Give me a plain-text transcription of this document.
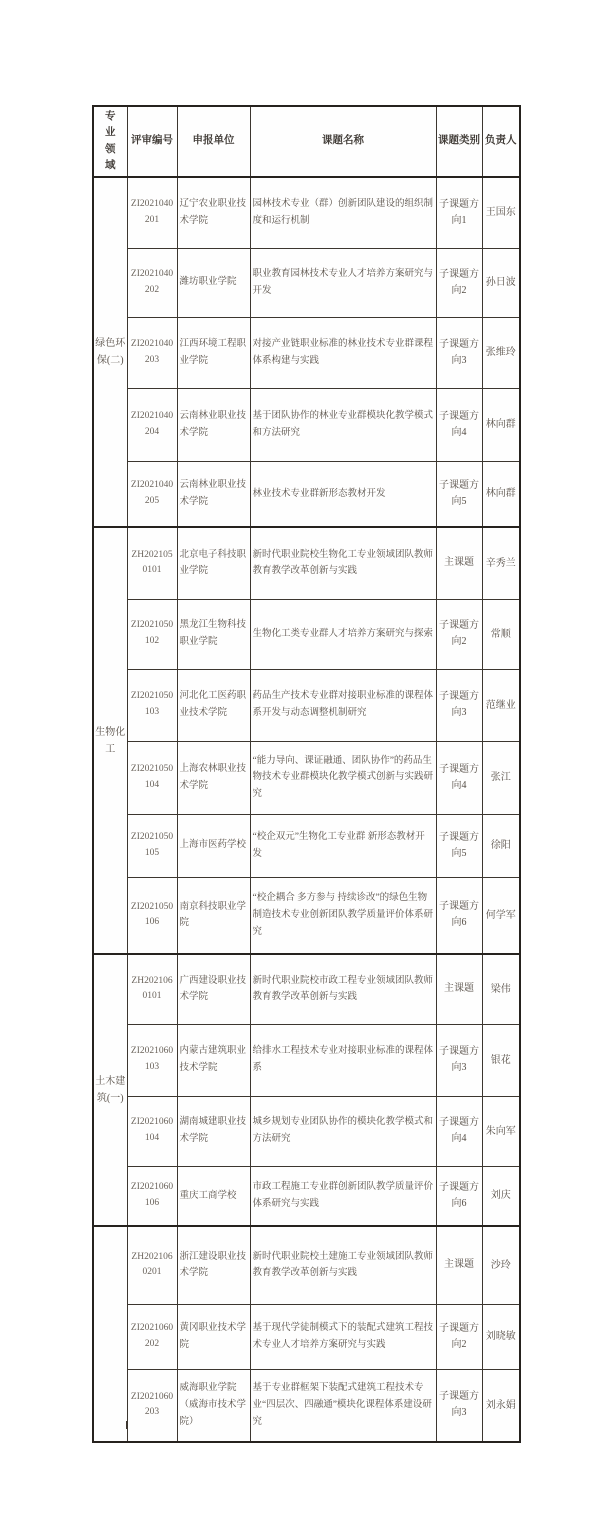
专业领域	评审编号	申报单位	课题名称	课题类别	负责人
绿色环保(二)	ZI2021040201	辽宁农业职业技术学院	园林技术专业（群）创新团队建设的组织制度和运行机制	子课题方向1	王国东
	ZI2021040202	潍坊职业学院	职业教育园林技术专业人才培养方案研究与开发	子课题方向2	孙日波
	ZI2021040203	江西环境工程职业学院	对接产业链职业标准的林业技术专业群课程体系构建与实践	子课题方向3	张维玲
	ZI2021040204	云南林业职业技术学院	基于团队协作的林业专业群模块化教学模式和方法研究	子课题方向4	林向群
	ZI2021040205	云南林业职业技术学院	林业技术专业群新形态教材开发	子课题方向5	林向群
生物化工	ZH2021050101	北京电子科技职业学院	新时代职业院校生物化工专业领域团队教师教育教学改革创新与实践	主课题	辛秀兰
	ZI2021050102	黑龙江生物科技职业学院	生物化工类专业群人才培养方案研究与探索	子课题方向2	常顺
	ZI2021050103	河北化工医药职业技术学院	药品生产技术专业群对接职业标准的课程体系开发与动态调整机制研究	子课题方向3	范继业
	ZI2021050104	上海农林职业技术学院	“能力导向、课证融通、团队协作”的药品生物技术专业群模块化教学模式创新与实践研究	子课题方向4	张江
	ZI2021050105	上海市医药学校	“校企双元”生物化工专业群 新形态教材开发	子课题方向5	徐阳
	ZI2021050106	南京科技职业学院	“校企耦合 多方参与 持续诊改”的绿色生物制造技术专业创新团队教学质量评价体系研究	子课题方向6	何学军
土木建筑(一)	ZH2021060101	广西建设职业技术学院	新时代职业院校市政工程专业领域团队教师教育教学改革创新与实践	主课题	梁伟
	ZI2021060103	内蒙古建筑职业技术学院	给排水工程技术专业对接职业标准的课程体系	子课题方向3	银花
	ZI2021060104	湖南城建职业技术学院	城乡规划专业团队协作的模块化教学模式和方法研究	子课题方向4	朱向军
	ZI2021060106	重庆工商学校	市政工程施工专业群创新团队教学质量评价体系研究与实践	子课题方向6	刘庆
	ZH2021060201	浙江建设职业技术学院	新时代职业院校土建施工专业领域团队教师教育教学改革创新与实践	主课题	沙玲
	ZI2021060202	黄冈职业技术学院	基于现代学徒制模式下的装配式建筑工程技术专业人才培养方案研究与实践	子课题方向2	刘晓敏
	ZI2021060203	威海职业学院（威海市技术学院）	基于专业群框架下装配式建筑工程技术专业“四层次、四融通”模块化课程体系建设研究	子课题方向3	刘永娟
